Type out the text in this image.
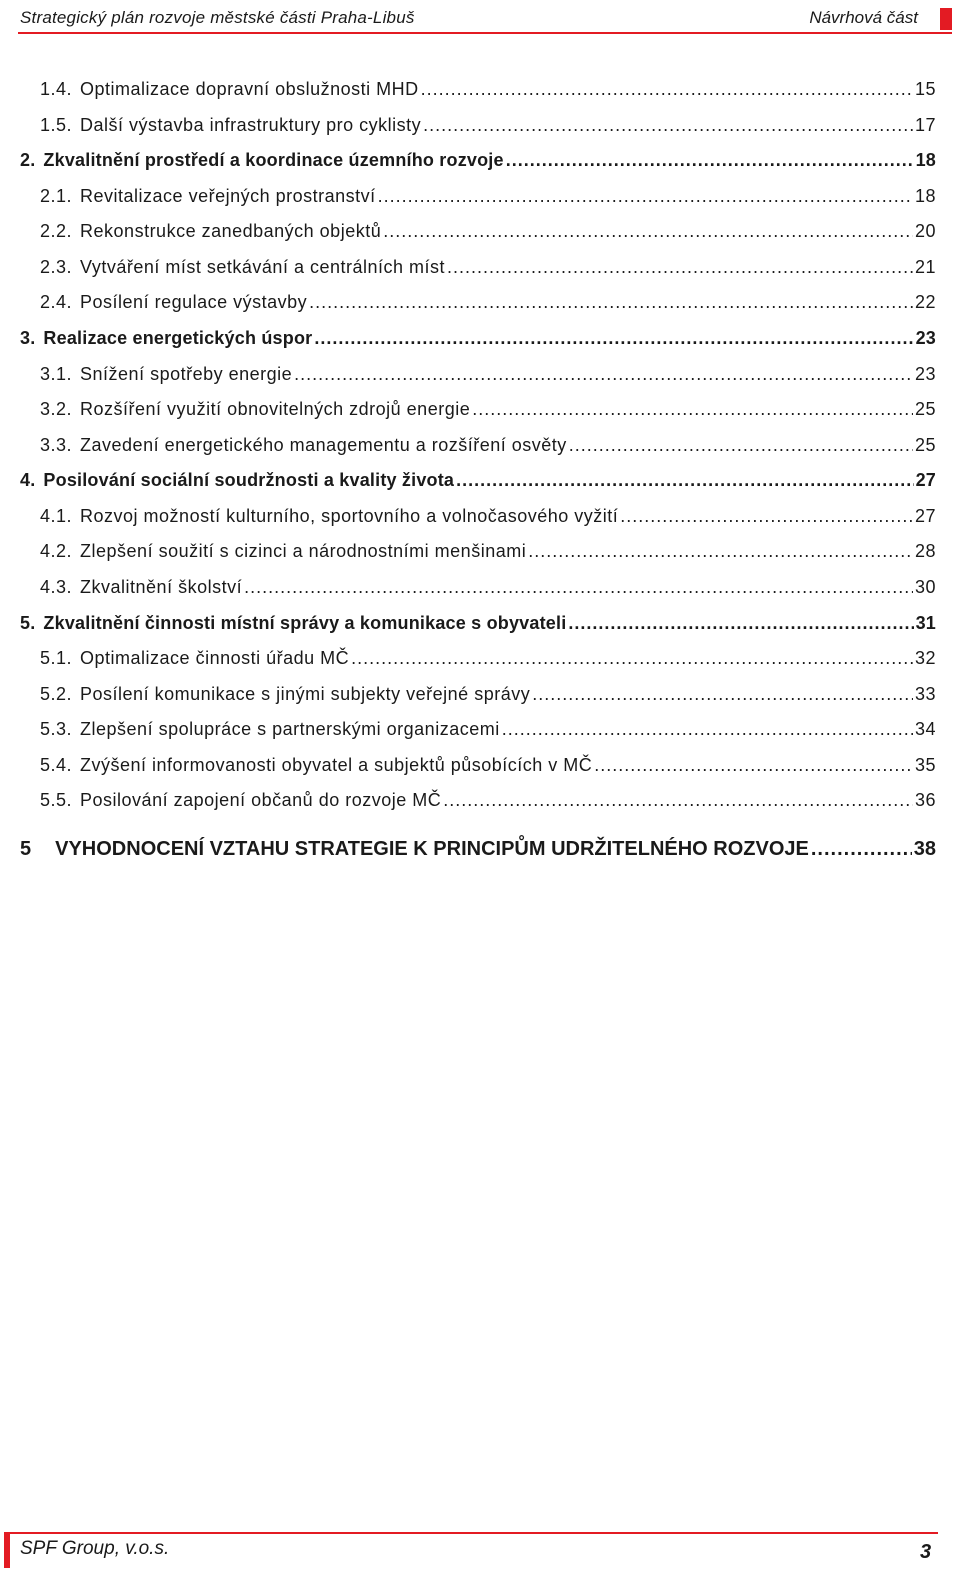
Strategický plán rozvoje městské části Praha-Libuš	Návrhová část
1.4. Optimalizace dopravní obslužnosti MHD .....	15
1.5. Další výstavba infrastruktury pro cyklisty .....	17
2. Zkvalitnění prostředí a koordinace územního rozvoje .....	18
2.1. Revitalizace veřejných prostranství .....	18
2.2. Rekonstrukce zanedbaných objektů .....	20
2.3. Vytváření míst setkávání a centrálních míst .....	21
2.4. Posílení regulace výstavby .....	22
3. Realizace energetických úspor .....	23
3.1. Snížení spotřeby energie .....	23
3.2. Rozšíření využití obnovitelných zdrojů energie .....	25
3.3. Zavedení energetického managementu a rozšíření osvěty .....	25
4. Posilování sociální soudržnosti a kvality života .....	27
4.1. Rozvoj možností kulturního, sportovního a volnočasového vyžití .....	27
4.2. Zlepšení soužití s cizinci a národnostními menšinami .....	28
4.3. Zkvalitnění školství .....	30
5. Zkvalitnění činnosti místní správy a komunikace s obyvateli .....	31
5.1. Optimalizace činnosti úřadu MČ .....	32
5.2. Posílení komunikace s jinými subjekty veřejné správy .....	33
5.3. Zlepšení spolupráce s partnerskými organizacemi .....	34
5.4. Zvýšení informovanosti obyvatel a subjektů působících v MČ .....	35
5.5. Posilování zapojení občanů do rozvoje MČ .....	36
5 VYHODNOCENÍ VZTAHU STRATEGIE K PRINCIPŮM UDRŽITELNÉHO ROZVOJE .....	38
SPF Group, v.o.s.	3
